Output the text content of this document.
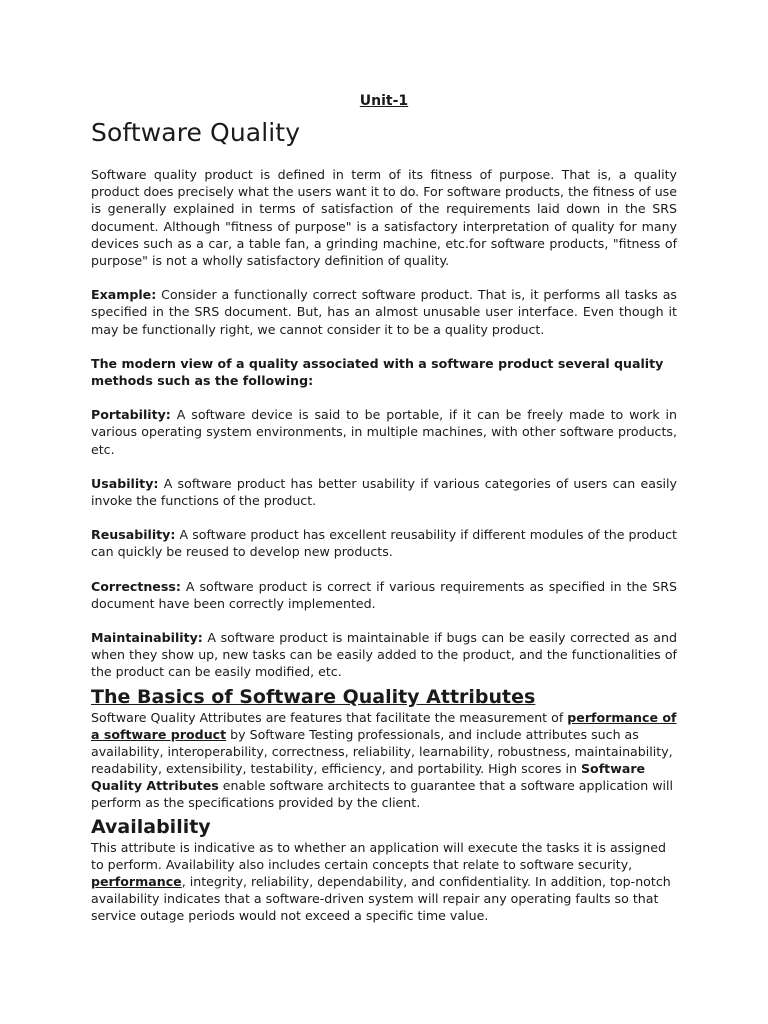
Unit-1
Software Quality

Software quality product is defined in term of its fitness of purpose. That is, a quality product does precisely what the users want it to do. For software products, the fitness of use is generally explained in terms of satisfaction of the requirements laid down in the SRS document. Although "fitness of purpose" is a satisfactory interpretation of quality for many devices such as a car, a table fan, a grinding machine, etc.for software products, "fitness of purpose" is not a wholly satisfactory definition of quality.

Example: Consider a functionally correct software product. That is, it performs all tasks as specified in the SRS document. But, has an almost unusable user interface. Even though it may be functionally right, we cannot consider it to be a quality product.

The modern view of a quality associated with a software product several quality methods such as the following:

Portability: A software device is said to be portable, if it can be freely made to work in various operating system environments, in multiple machines, with other software products, etc.

Usability: A software product has better usability if various categories of users can easily invoke the functions of the product.

Reusability: A software product has excellent reusability if different modules of the product can quickly be reused to develop new products.

Correctness: A software product is correct if various requirements as specified in the SRS document have been correctly implemented.

Maintainability: A software product is maintainable if bugs can be easily corrected as and when they show up, new tasks can be easily added to the product, and the functionalities of the product can be easily modified, etc.

The Basics of Software Quality Attributes

Software Quality Attributes are features that facilitate the measurement of performance of a software product by Software Testing professionals, and include attributes such as availability, interoperability, correctness, reliability, learnability, robustness, maintainability, readability, extensibility, testability, efficiency, and portability. High scores in Software Quality Attributes enable software architects to guarantee that a software application will perform as the specifications provided by the client.

Availability

This attribute is indicative as to whether an application will execute the tasks it is assigned to perform. Availability also includes certain concepts that relate to software security, performance, integrity, reliability, dependability, and confidentiality. In addition, top-notch availability indicates that a software-driven system will repair any operating faults so that service outage periods would not exceed a specific time value.
